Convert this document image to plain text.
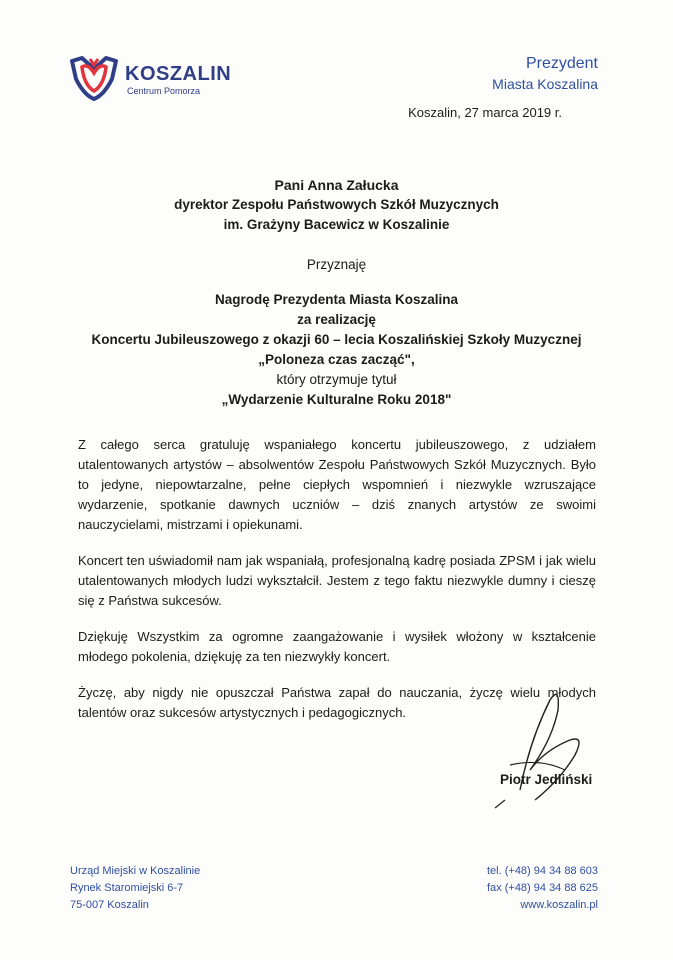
KOSZALIN
Centrum Pomorza
Prezydent
Miasta Koszalina
Koszalin, 27 marca 2019 r.
Pani Anna Załucka
dyrektor Zespołu Państwowych Szkół Muzycznych
im. Grażyny Bacewicz w Koszalinie
Przyznaję
Nagrodę Prezydenta Miasta Koszalina
za realizację
Koncertu Jubileuszowego z okazji 60 – lecia Koszalińskiej Szkoły Muzycznej
„Poloneza czas zacząć",
który otrzymuje tytuł
„Wydarzenie Kulturalne Roku 2018"

Z całego serca gratuluję wspaniałego koncertu jubileuszowego, z udziałem utalentowanych artystów – absolwentów Zespołu Państwowych Szkół Muzycznych. Było to jedyne, niepowtarzalne, pełne ciepłych wspomnień i niezwykle wzruszające wydarzenie, spotkanie dawnych uczniów – dziś znanych artystów ze swoimi nauczycielami, mistrzami i opiekunami.

Koncert ten uświadomił nam jak wspaniałą, profesjonalną kadrę posiada ZPSM i jak wielu utalentowanych młodych ludzi wykształcił. Jestem z tego faktu niezwykle dumny i cieszę się z Państwa sukcesów.

Dziękuję Wszystkim za ogromne zaangażowanie i wysiłek włożony w kształcenie młodego pokolenia, dziękuję za ten niezwykły koncert.

Życzę, aby nigdy nie opuszczał Państwa zapał do nauczania, życzę wielu młodych talentów oraz sukcesów artystycznych i pedagogicznych.

Piotr Jedliński
Urząd Miejski w Koszalinie
Rynek Staromiejski 6-7
75-007 Koszalin
tel. (+48) 94 34 88 603
fax (+48) 94 34 88 625
www.koszalin.pl
